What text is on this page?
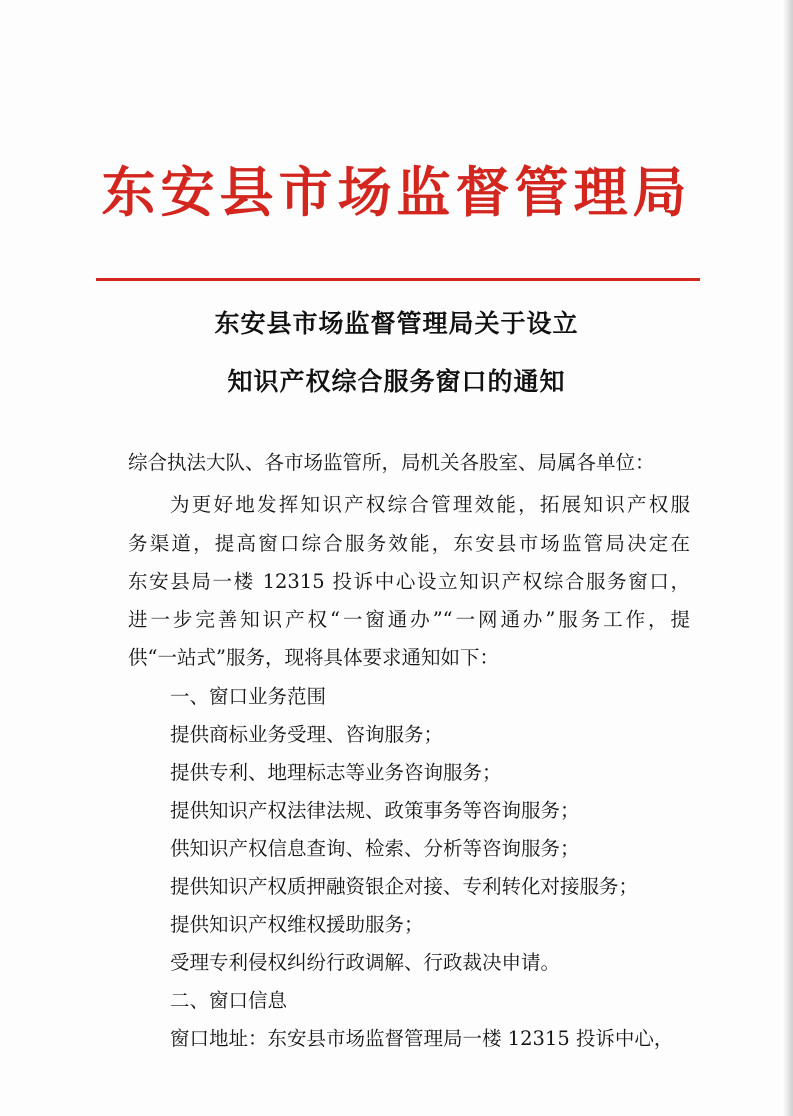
东安县市场监督管理局
东安县市场监督管理局关于设立
知识产权综合服务窗口的通知
综合执法大队、各市场监管所，局机关各股室、局属各单位：
为更好地发挥知识产权综合管理效能，拓展知识产权服
务渠道，提高窗口综合服务效能，东安县市场监管局决定在
东安县局一楼 12315 投诉中心设立知识产权综合服务窗口，
进一步完善知识产权“一窗通办”“一网通办”服务工作，提
供“一站式”服务，现将具体要求通知如下：
一、窗口业务范围
提供商标业务受理、咨询服务；
提供专利、地理标志等业务咨询服务；
提供知识产权法律法规、政策事务等咨询服务；
供知识产权信息查询、检索、分析等咨询服务；
提供知识产权质押融资银企对接、专利转化对接服务；
提供知识产权维权援助服务；
受理专利侵权纠纷行政调解、行政裁决申请。
二、窗口信息
窗口地址：东安县市场监督管理局一楼 12315 投诉中心，
